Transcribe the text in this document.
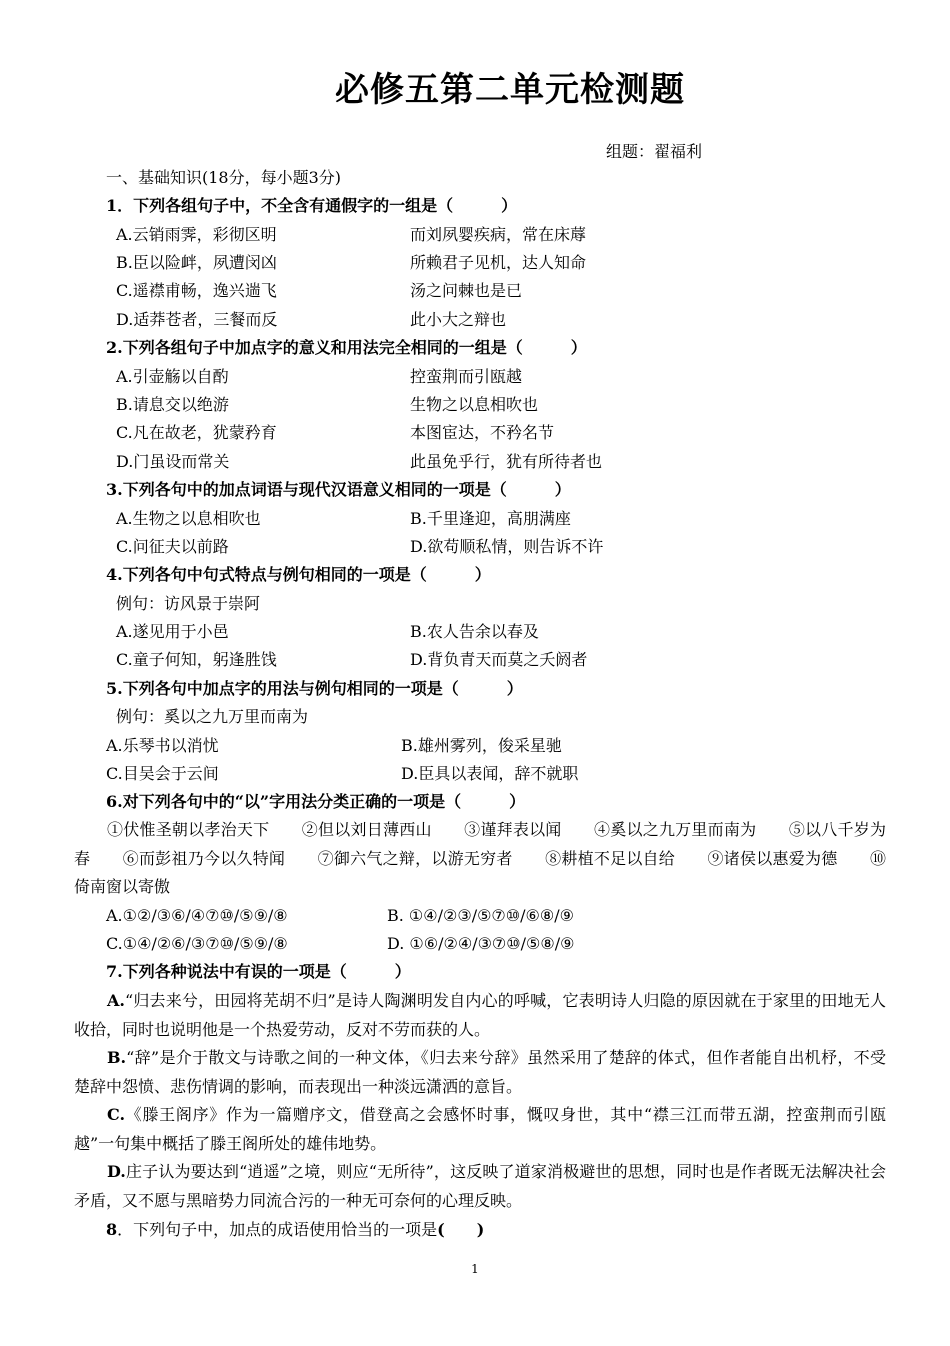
必修五第二单元检测题
组题：翟福利
一、基础知识(18分，每小题3分)
1．下列各组句子中，不全含有通假字的一组是（　　　）
A.云销雨霁，彩彻区明	而刘夙婴疾病，常在床蓐
B.臣以险衅，夙遭闵凶	所赖君子见机，达人知命
C.遥襟甫畅，逸兴遄飞	汤之问棘也是已
D.适莽苍者，三餐而反	此小大之辩也
2.下列各组句子中加点字的意义和用法完全相同的一组是（　　　）
A.引壶觞以自酌	控蛮荆而引瓯越
B.请息交以绝游	生物之以息相吹也
C.凡在故老，犹蒙矜育	本图宦达，不矜名节
D.门虽设而常关	此虽免乎行，犹有所待者也
3.下列各句中的加点词语与现代汉语意义相同的一项是（　　　）
A.生物之以息相吹也	B.千里逢迎，高朋满座
C.问征夫以前路	D.欲苟顺私情，则告诉不许
4.下列各句中句式特点与例句相同的一项是（　　　）
例句：访风景于崇阿
A.遂见用于小邑	B.农人告余以春及
C.童子何知，躬逢胜饯	D.背负青天而莫之夭阏者
5.下列各句中加点字的用法与例句相同的一项是（　　　）
例句：奚以之九万里而南为
A.乐琴书以消忧	B.雄州雾列，俊采星驰
C.目吴会于云间	D.臣具以表闻，辞不就职
6.对下列各句中的“以”字用法分类正确的一项是（　　　）
①伏惟圣朝以孝治天下　　②但以刘日薄西山　　③谨拜表以闻　　④奚以之九万里而南为　　⑤以八千岁为春　　⑥而彭祖乃今以久特闻　　⑦御六气之辩，以游无穷者　　⑧耕植不足以自给　　⑨诸侯以惠爱为德　　⑩倚南窗以寄傲
A.①②/③⑥/④⑦⑩/⑤⑨/⑧	B. ①④/②③/⑤⑦⑩/⑥⑧/⑨
C.①④/②⑥/③⑦⑩/⑤⑨/⑧	D. ①⑥/②④/③⑦⑩/⑤⑧/⑨
7.下列各种说法中有误的一项是（　　　）
A.“归去来兮，田园将芜胡不归”是诗人陶渊明发自内心的呼喊，它表明诗人归隐的原因就在于家里的田地无人收拾，同时也说明他是一个热爱劳动，反对不劳而获的人。
B.“辞”是介于散文与诗歌之间的一种文体，《归去来兮辞》虽然采用了楚辞的体式，但作者能自出机杼，不受楚辞中怨愤、悲伤情调的影响，而表现出一种淡远潇洒的意旨。
C.《滕王阁序》作为一篇赠序文，借登高之会感怀时事，慨叹身世，其中“襟三江而带五湖，控蛮荆而引瓯越”一句集中概括了滕王阁所处的雄伟地势。
D.庄子认为要达到“逍遥”之境，则应“无所待”，这反映了道家消极避世的思想，同时也是作者既无法解决社会矛盾，又不愿与黑暗势力同流合污的一种无可奈何的心理反映。
8．下列句子中，加点的成语使用恰当的一项是(　　)
1
